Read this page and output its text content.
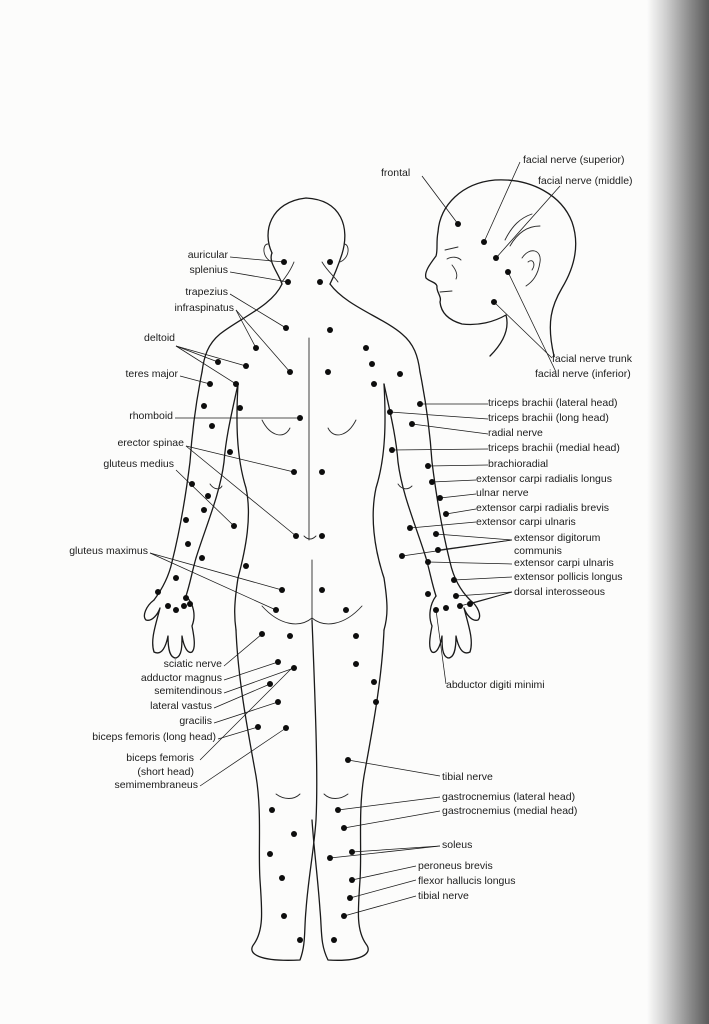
frontal
facial nerve (superior)
facial nerve (middle)
facial nerve trunk
facial nerve (inferior)
auricular
splenius
trapezius
infraspinatus
deltoid
teres major
rhomboid
erector spinae
gluteus medius
gluteus maximus
sciatic nerve
adductor magnus
semitendinous
lateral vastus
gracilis
biceps femoris (long head)
biceps femoris
(short head)
semimembraneus
triceps brachii (lateral head)
triceps brachii (long head)
radial nerve
triceps brachii (medial head)
brachioradial
extensor carpi radialis longus
ulnar nerve
extensor carpi radialis brevis
extensor carpi ulnaris
extensor digitorum
communis
extensor carpi ulnaris
extensor pollicis longus
dorsal interosseous
abductor digiti minimi
tibial nerve
gastrocnemius (lateral head)
gastrocnemius (medial head)
soleus
peroneus brevis
flexor hallucis longus
tibial nerve
